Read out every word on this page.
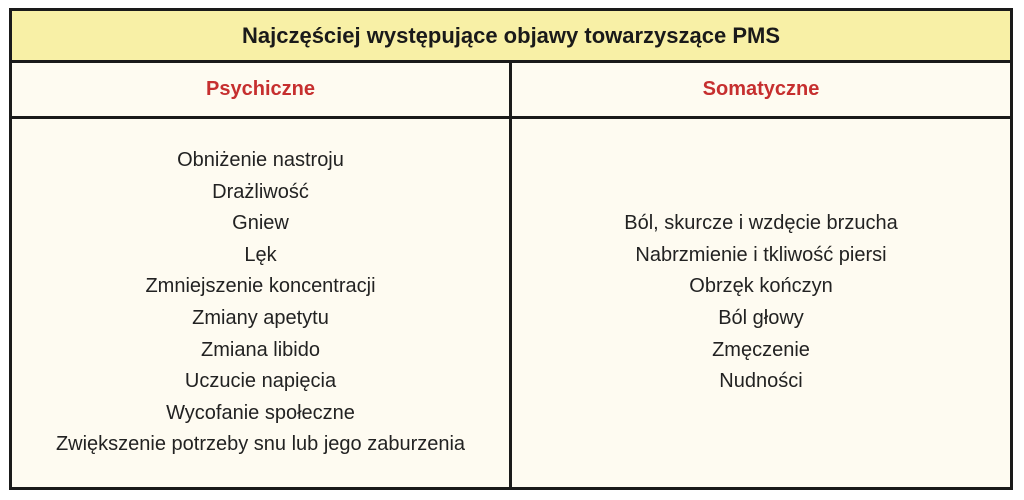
Najczęściej występujące objawy towarzyszące PMS
Psychiczne	Somatyczne
Obniżenie nastroju
Drażliwość
Gniew
Lęk
Zmniejszenie koncentracji
Zmiany apetytu
Zmiana libido
Uczucie napięcia
Wycofanie społeczne
Zwiększenie potrzeby snu lub jego zaburzenia
Ból, skurcze i wzdęcie brzucha
Nabrzmienie i tkliwość piersi
Obrzęk kończyn
Ból głowy
Zmęczenie
Nudności
